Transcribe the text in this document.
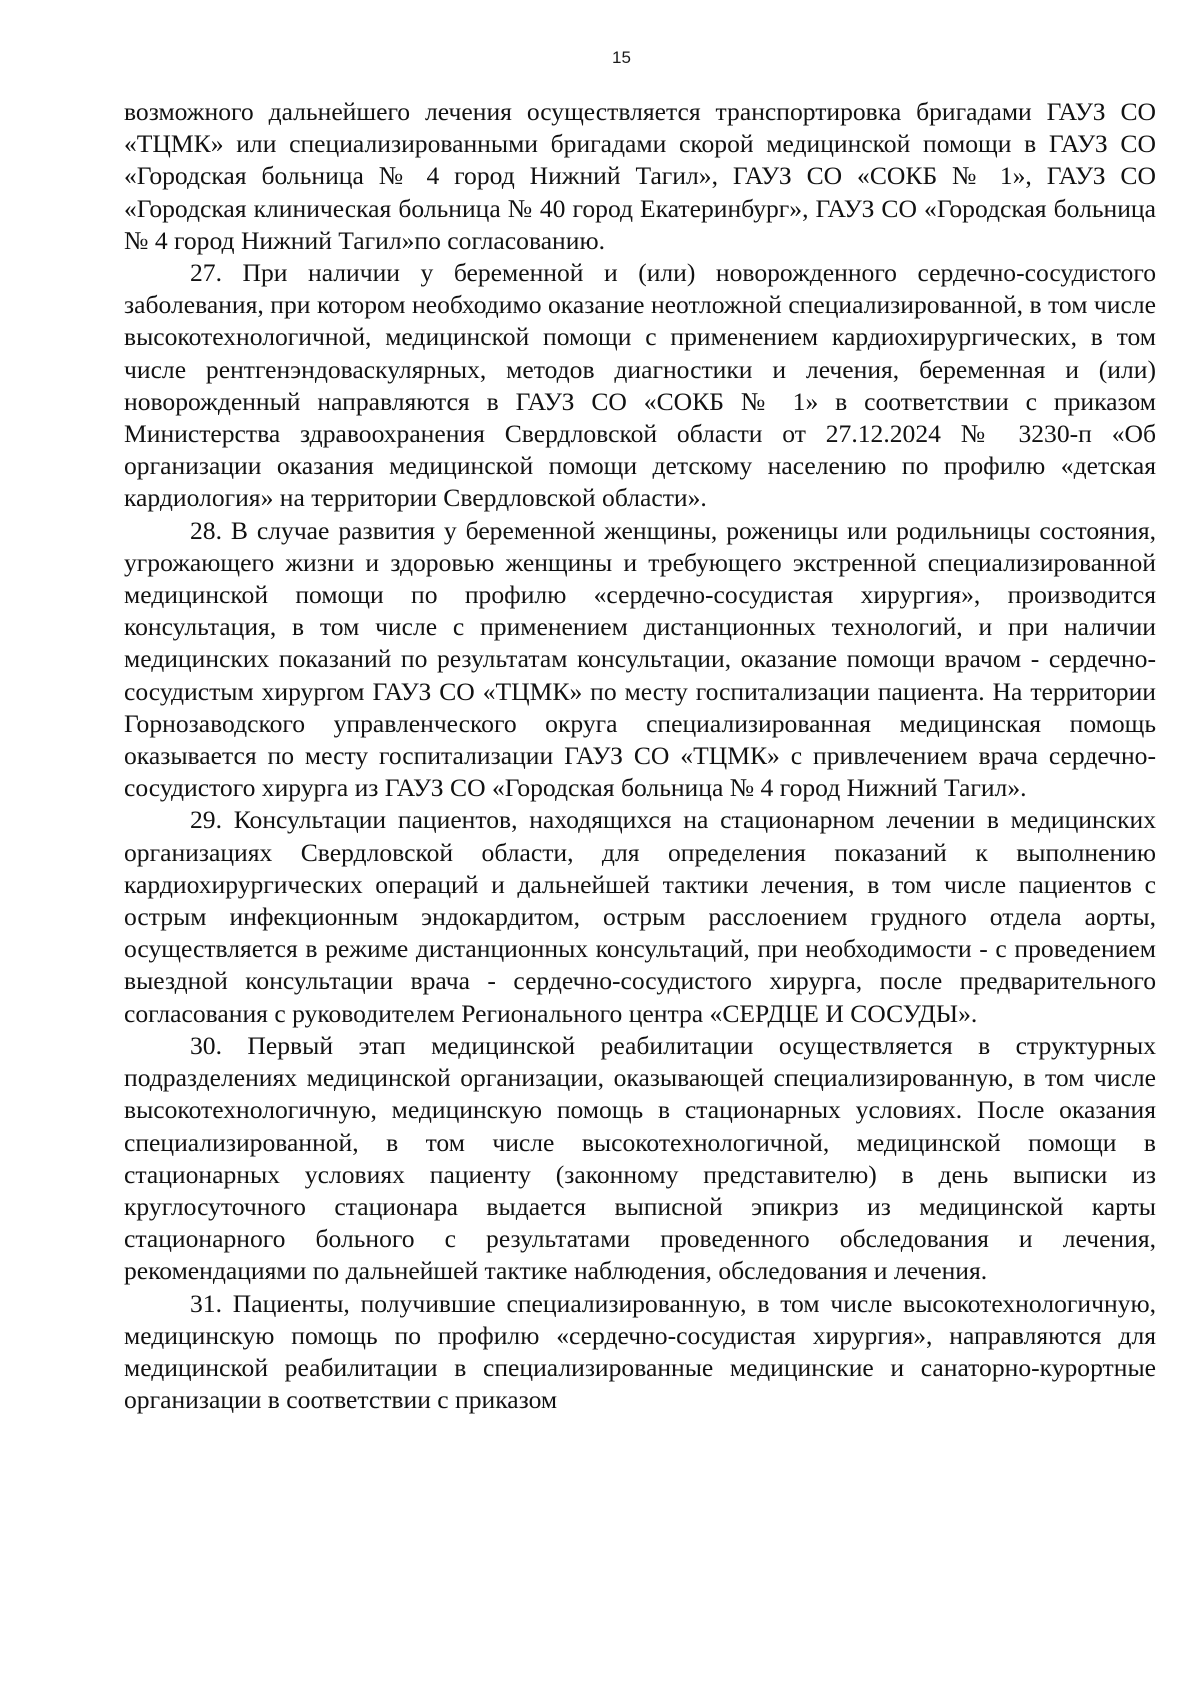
15

возможного дальнейшего лечения осуществляется транспортировка бригадами ГАУЗ СО «ТЦМК» или специализированными бригадами скорой медицинской помощи в ГАУЗ СО «Городская больница № 4 город Нижний Тагил», ГАУЗ СО «СОКБ № 1», ГАУЗ СО «Городская клиническая больница № 40 город Екатеринбург», ГАУЗ СО «Городская больница № 4 город Нижний Тагил»по согласованию.

27. При наличии у беременной и (или) новорожденного сердечно-сосудистого заболевания, при котором необходимо оказание неотложной специализированной, в том числе высокотехнологичной, медицинской помощи с применением кардиохирургических, в том числе рентгенэндоваскулярных, методов диагностики и лечения, беременная и (или) новорожденный направляются в ГАУЗ СО «СОКБ № 1» в соответствии с приказом Министерства здравоохранения Свердловской области от 27.12.2024 № 3230-п «Об организации оказания медицинской помощи детскому населению по профилю «детская кардиология» на территории Свердловской области».

28. В случае развития у беременной женщины, роженицы или родильницы состояния, угрожающего жизни и здоровью женщины и требующего экстренной специализированной медицинской помощи по профилю «сердечно-сосудистая хирургия», производится консультация, в том числе с применением дистанционных технологий, и при наличии медицинских показаний по результатам консультации, оказание помощи врачом - сердечно-сосудистым хирургом ГАУЗ СО «ТЦМК» по месту госпитализации пациента. На территории Горнозаводского управленческого округа специализированная медицинская помощь оказывается по месту госпитализации ГАУЗ СО «ТЦМК» с привлечением врача сердечно-сосудистого хирурга из ГАУЗ СО «Городская больница № 4 город Нижний Тагил».

29. Консультации пациентов, находящихся на стационарном лечении в медицинских организациях Свердловской области, для определения показаний к выполнению кардиохирургических операций и дальнейшей тактики лечения, в том числе пациентов с острым инфекционным эндокардитом, острым расслоением грудного отдела аорты, осуществляется в режиме дистанционных консультаций, при необходимости - с проведением выездной консультации врача - сердечно-сосудистого хирурга, после предварительного согласования с руководителем Регионального центра «СЕРДЦЕ И СОСУДЫ».

30. Первый этап медицинской реабилитации осуществляется в структурных подразделениях медицинской организации, оказывающей специализированную, в том числе высокотехнологичную, медицинскую помощь в стационарных условиях. После оказания специализированной, в том числе высокотехнологичной, медицинской помощи в стационарных условиях пациенту (законному представителю) в день выписки из круглосуточного стационара выдается выписной эпикриз из медицинской карты стационарного больного с результатами проведенного обследования и лечения, рекомендациями по дальнейшей тактике наблюдения, обследования и лечения.

31. Пациенты, получившие специализированную, в том числе высокотехнологичную, медицинскую помощь по профилю «сердечно-сосудистая хирургия», направляются для медицинской реабилитации в специализированные медицинские и санаторно-курортные организации в соответствии с приказом
